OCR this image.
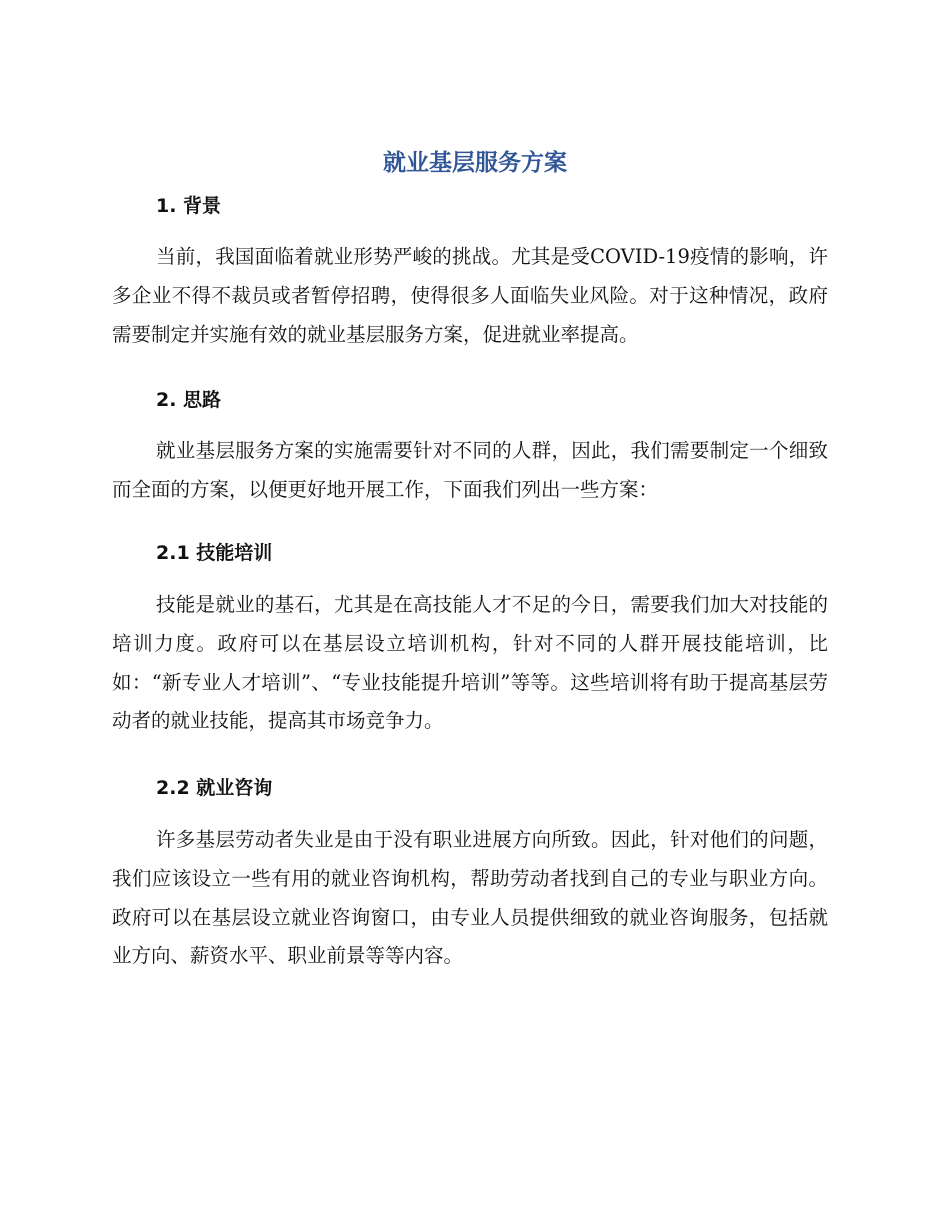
就业基层服务方案
1. 背景

当前，我国面临着就业形势严峻的挑战。尤其是受COVID-19疫情的影响，许多企业不得不裁员或者暂停招聘，使得很多人面临失业风险。对于这种情况，政府需要制定并实施有效的就业基层服务方案，促进就业率提高。

2. 思路

就业基层服务方案的实施需要针对不同的人群，因此，我们需要制定一个细致而全面的方案，以便更好地开展工作，下面我们列出一些方案：

2.1 技能培训

技能是就业的基石，尤其是在高技能人才不足的今日，需要我们加大对技能的培训力度。政府可以在基层设立培训机构，针对不同的人群开展技能培训，比如：“新专业人才培训”、“专业技能提升培训”等等。这些培训将有助于提高基层劳动者的就业技能，提高其市场竞争力。

2.2 就业咨询

许多基层劳动者失业是由于没有职业进展方向所致。因此，针对他们的问题，我们应该设立一些有用的就业咨询机构，帮助劳动者找到自己的专业与职业方向。政府可以在基层设立就业咨询窗口，由专业人员提供细致的就业咨询服务，包括就业方向、薪资水平、职业前景等等内容。
